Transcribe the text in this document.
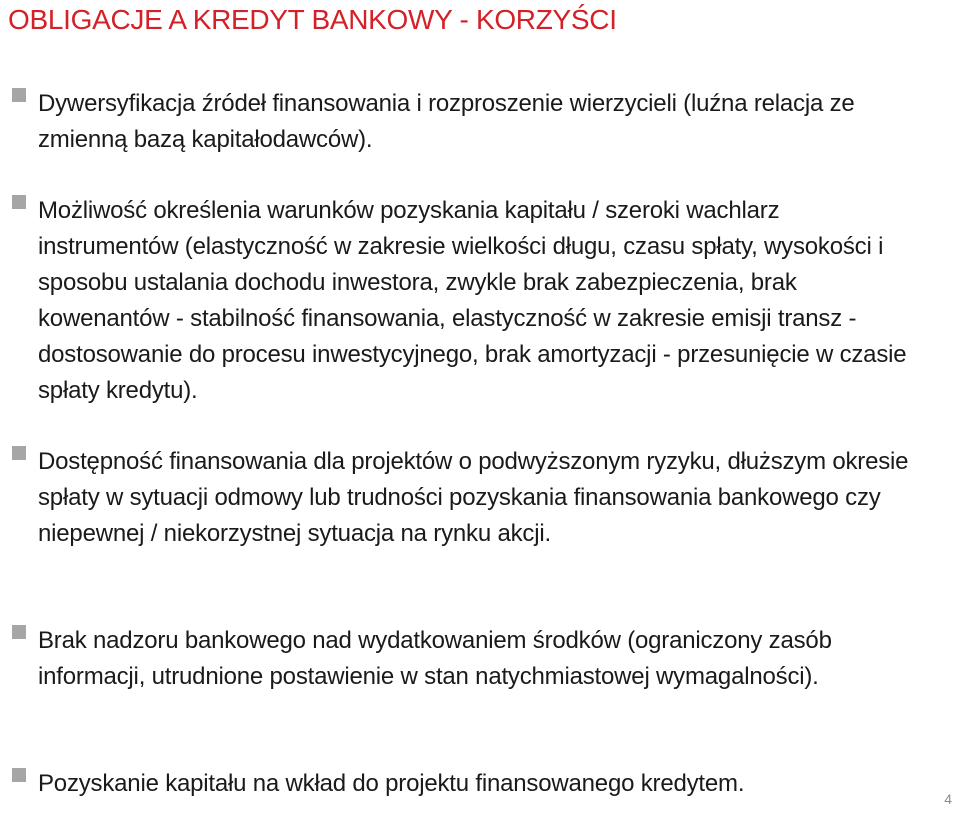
OBLIGACJE A KREDYT BANKOWY - KORZYŚCI

Dywersyfikacja źródeł finansowania i rozproszenie wierzycieli (luźna relacja ze zmienną bazą kapitałodawców).

Możliwość określenia warunków pozyskania kapitału / szeroki wachlarz instrumentów (elastyczność w zakresie wielkości długu, czasu spłaty, wysokości i sposobu ustalania dochodu inwestora, zwykle brak zabezpieczenia, brak kowenantów - stabilność finansowania, elastyczność w zakresie emisji transz - dostosowanie do procesu inwestycyjnego, brak amortyzacji - przesunięcie w czasie spłaty kredytu).

Dostępność finansowania dla projektów o podwyższonym ryzyku, dłuższym okresie spłaty w sytuacji odmowy lub trudności pozyskania finansowania bankowego czy niepewnej / niekorzystnej sytuacja na rynku akcji.

Brak nadzoru bankowego nad wydatkowaniem środków (ograniczony zasób informacji, utrudnione postawienie w stan natychmiastowej wymagalności).

Pozyskanie kapitału na wkład do projektu finansowanego kredytem.

4
